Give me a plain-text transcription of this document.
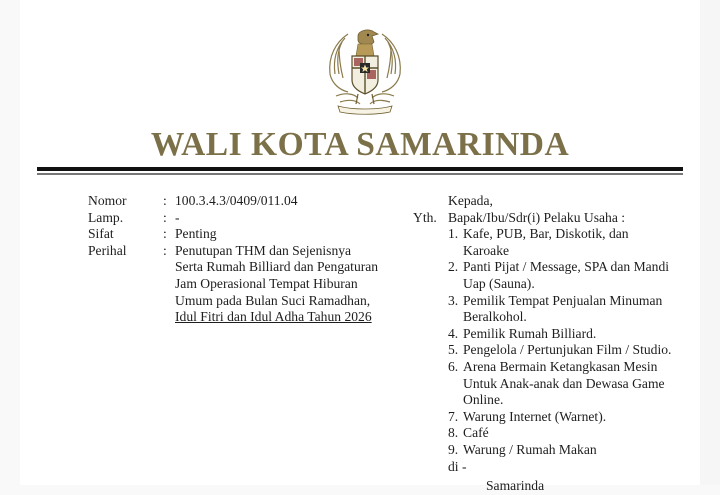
WALI KOTA SAMARINDA
Nomor	: 100.3.4.3/0409/011.04
Lamp.	: -
Sifat	: Penting
Perihal	: Penutupan THM dan Sejenisnya
Serta Rumah Billiard dan Pengaturan
Jam Operasional Tempat Hiburan
Umum pada Bulan Suci Ramadhan,
Idul Fitri dan Idul Adha Tahun 2026
Kepada,
Yth. Bapak/Ibu/Sdr(i) Pelaku Usaha :
1. Kafe, PUB, Bar, Diskotik, dan
Karoake
2. Panti Pijat / Message, SPA dan Mandi
Uap (Sauna).
3. Pemilik Tempat Penjualan Minuman
Beralkohol.
4. Pemilik Rumah Billiard.
5. Pengelola / Pertunjukan Film / Studio.
6. Arena Bermain Ketangkasan Mesin
Untuk Anak-anak dan Dewasa Game
Online.
7. Warung Internet (Warnet).
8. Café
9. Warung / Rumah Makan
di -
Samarinda
